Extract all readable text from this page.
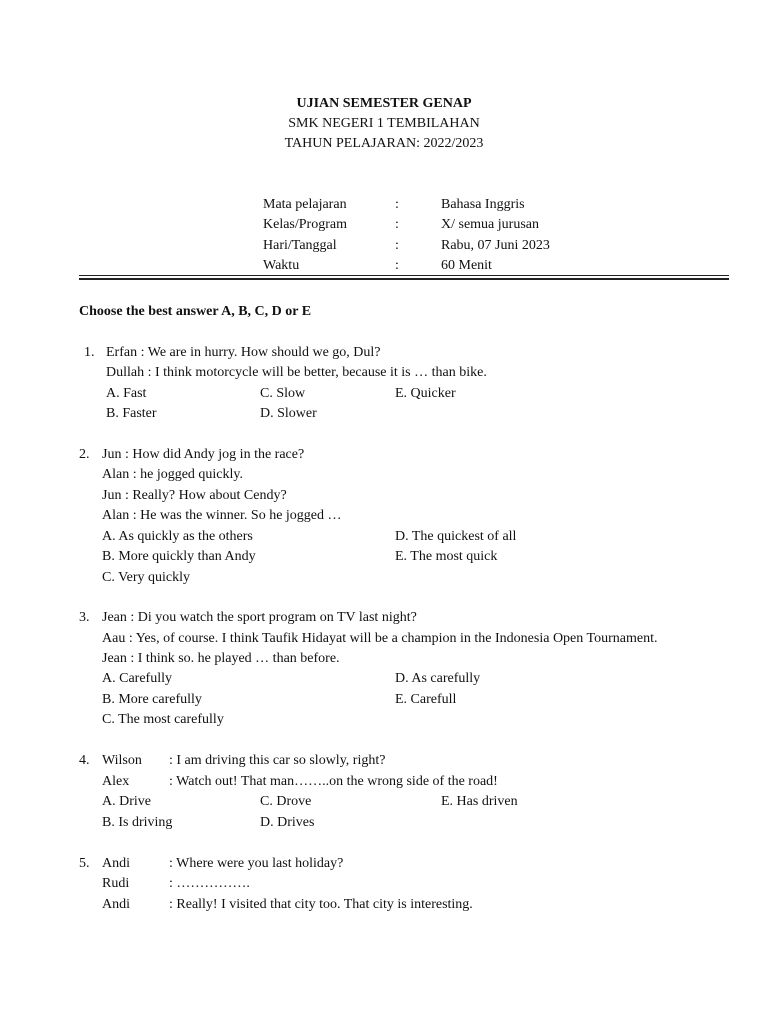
UJIAN SEMESTER GENAP
SMK NEGERI 1 TEMBILAHAN
TAHUN PELAJARAN: 2022/2023
Mata pelajaran	:	Bahasa Inggris
Kelas/Program	:	X/ semua jurusan
Hari/Tanggal	:	Rabu, 07 Juni 2023
Waktu	:	60 Menit
Choose the best answer A, B, C, D or E
1. Erfan : We are in hurry. How should we go, Dul?
Dullah : I think motorcycle will be better, because it is … than bike.
A. Fast
B. Faster
C. Slow
D. Slower
E. Quicker
2. Jun : How did Andy jog in the race?
Alan : he jogged quickly.
Jun : Really? How about Cendy?
Alan : He was the winner. So he jogged …
A. As quickly as the others
B. More quickly than Andy
C. Very quickly
D. The quickest of all
E. The most quick
3. Jean : Di you watch the sport program on TV last night?
Aau : Yes, of course. I think Taufik Hidayat will be a champion in the Indonesia Open Tournament.
Jean : I think so. he played … than before.
A. Carefully
B. More carefully
C. The most carefully
D. As carefully
E. Carefull
4. Wilson : I am driving this car so slowly, right?
Alex	: Watch out! That man……..on the wrong side of the road!
A. Drive
B. Is driving
C. Drove
D. Drives
E. Has driven
5. Andi	: Where were you last holiday?
Rudi	: …………….
Andi	: Really! I visited that city too. That city is interesting.
